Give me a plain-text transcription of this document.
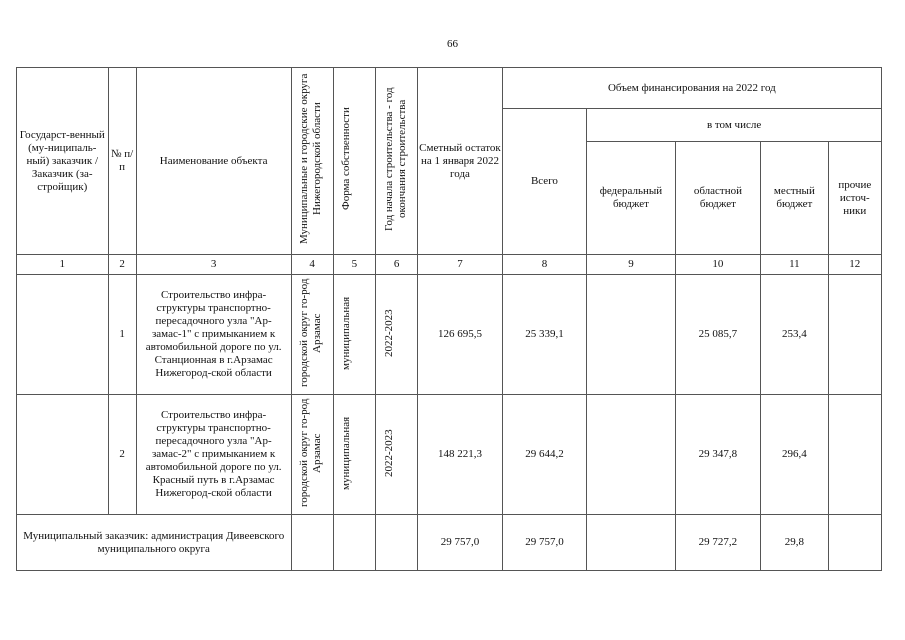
66
Государст-венный (му-ниципаль-ный) заказчик / Заказчик (за-стройщик)	№ п/п	Наименование объекта	Муниципальные и городские округа Нижегородской области	Форма собственности	Год начала строительства - год окончания строительства	Сметный остаток на 1 января 2022 года	Объем финансирования на 2022 год				
							Всего	в том числе			
								федеральный бюджет	областной бюджет	местный бюджет	прочие источ-ники
1	2	3	4	5	6	7	8	9	10	11	12
	1	Строительство инфра-структуры транспортно-пересадочного узла "Ар-замас-1" с примыканием к автомобильной дороге по ул. Станционная в г.Арзамас Нижегород-ской области	городской округ го-род Арзамас	муниципальная	2022-2023	126 695,5	25 339,1		25 085,7	253,4	
	2	Строительство инфра-структуры транспортно-пересадочного узла "Ар-замас-2" с примыканием к автомобильной дороге по ул. Красный путь в г.Арзамас Нижегород-ской области	городской округ го-род Арзамас	муниципальная	2022-2023	148 221,3	29 644,2		29 347,8	296,4	
Муниципальный заказчик: администрация Дивеевского муниципального округа						29 757,0	29 757,0		29 727,2	29,8	
